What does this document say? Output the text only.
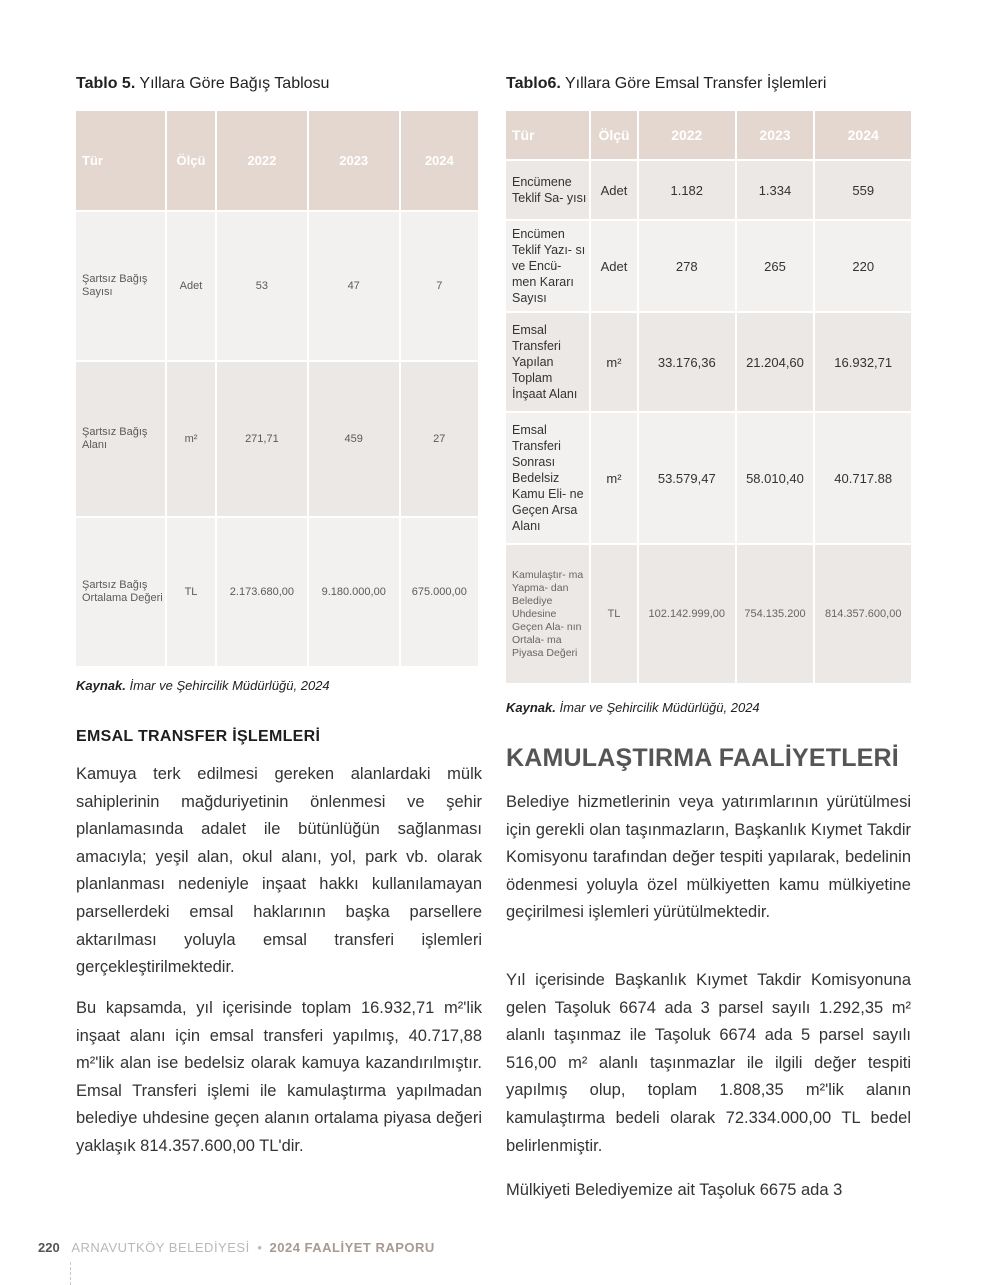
Tablo 5. Yıllara Göre Bağış Tablosu
Tür	Ölçü	2022	2023	2024
Şartsız Bağış Sayısı	Adet	53	47	7
Şartsız Bağış Alanı	m²	271,71	459	27
Şartsız Bağış Ortalama Değeri	TL	2.173.680,00	9.180.000,00	675.000,00
Kaynak. İmar ve Şehircilik Müdürlüğü, 2024
EMSAL TRANSFER İŞLEMLERİ

Kamuya terk edilmesi gereken alanlardaki mülk sahiplerinin mağduriyetinin önlenmesi ve şehir planlamasında adalet ile bütünlüğün sağlanması amacıyla; yeşil alan, okul alanı, yol, park vb. olarak planlanması nedeniyle inşaat hakkı kullanılamayan parsellerdeki emsal haklarının başka parsellere aktarılması yoluyla emsal transferi işlemleri gerçekleştirilmektedir.

Bu kapsamda, yıl içerisinde toplam 16.932,71 m²'lik inşaat alanı için emsal transferi yapılmış, 40.717,88 m²'lik alan ise bedelsiz olarak kamuya kazandırılmıştır. Emsal Transferi işlemi ile kamulaştırma yapılmadan belediye uhdesine geçen alanın ortalama piyasa değeri yaklaşık 814.357.600,00 TL'dir.

Tablo6. Yıllara Göre Emsal Transfer İşlemleri
Tür	Ölçü	2022	2023	2024
Encümene Teklif Sa- yısı	Adet	1.182	1.334	559
Encümen Teklif Yazı- sı ve Encü- men Kararı Sayısı	Adet	278	265	220
Emsal Transferi Yapılan Toplam İnşaat Alanı	m²	33.176,36	21.204,60	16.932,71
Emsal Transferi Sonrası Bedelsiz Kamu Eli- ne Geçen Arsa Alanı	m²	53.579,47	58.010,40	40.717.88
Kamulaştır- ma Yapma- dan Belediye Uhdesine Geçen Ala- nın Ortala- ma Piyasa Değeri	TL	102.142.999,00	754.135.200	814.357.600,00
Kaynak. İmar ve Şehircilik Müdürlüğü, 2024
KAMULAŞTIRMA FAALİYETLERİ

Belediye hizmetlerinin veya yatırımlarının yürütülmesi için gerekli olan taşınmazların, Başkanlık Kıymet Takdir Komisyonu tarafından değer tespiti yapılarak, bedelinin ödenmesi yoluyla özel mülkiyetten kamu mülkiyetine geçirilmesi işlemleri yürütülmektedir.

Yıl içerisinde Başkanlık Kıymet Takdir Komisyonuna gelen Taşoluk 6674 ada 3 parsel sayılı 1.292,35 m² alanlı taşınmaz ile Taşoluk 6674 ada 5 parsel sayılı 516,00 m² alanlı taşınmazlar ile ilgili değer tespiti yapılmış olup, toplam 1.808,35 m²'lik alanın kamulaştırma bedeli olarak 72.334.000,00 TL bedel belirlenmiştir.

Mülkiyeti Belediyemize ait Taşoluk 6675 ada 3

220 ARNAVUTKÖY BELEDİYESİ • 2024 FAALİYET RAPORU
